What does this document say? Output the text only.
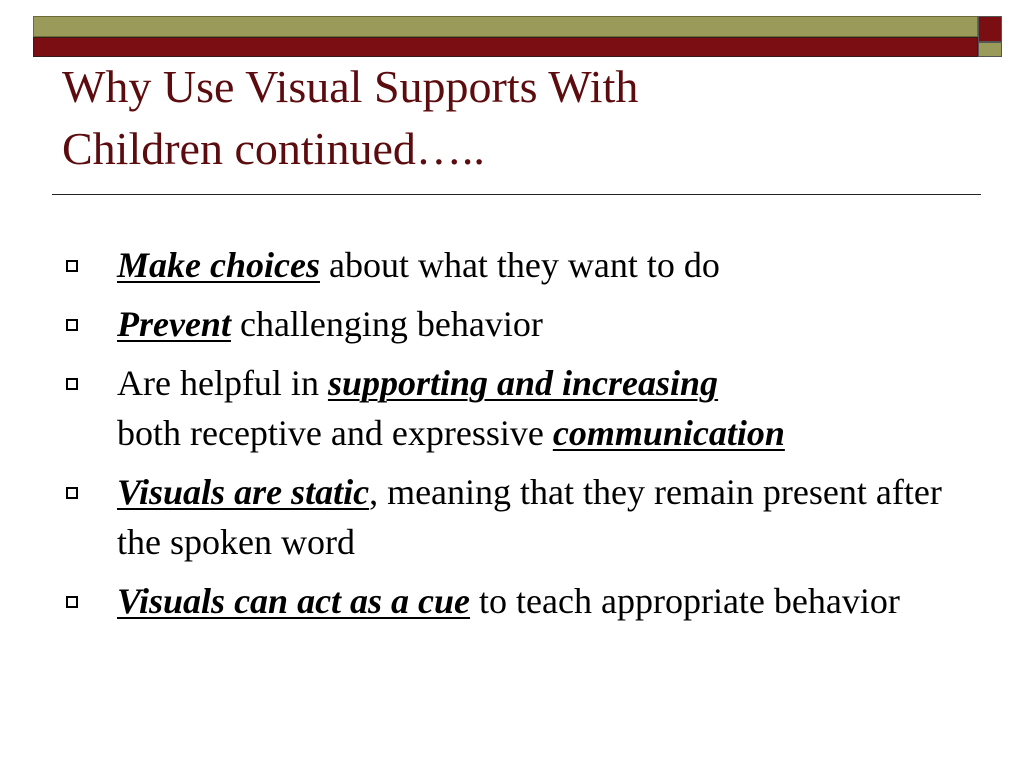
Why Use Visual Supports With
Children continued…..
Make choices about what they want to do
Prevent challenging behavior
Are helpful in supporting and increasing
both receptive and expressive communication
Visuals are static, meaning that they remain present after the spoken word
Visuals can act as a cue to teach appropriate behavior
